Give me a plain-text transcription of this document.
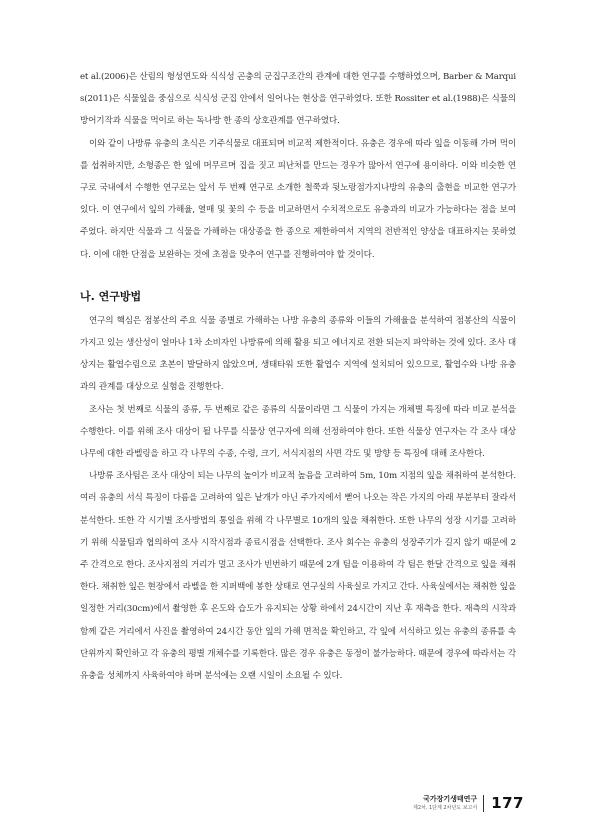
et al.(2006)은 산림의 형성연도와 식식성 곤충의 군집구조간의 관계에 대한 연구를 수행하였으며, Barber & Marquis(2011)은 식물잎을 중심으로 식식성 군집 안에서 일어나는 현상을 연구하였다. 또한 Rossiter et al.(1988)은 식물의 방어기작과 식물을 먹이로 하는 독나방 한 종의 상호관계를 연구하였다.

이와 같이 나방류 유충의 초식은 기주식물로 대표되며 비교적 제한적이다. 유충은 경우에 따라 잎을 이동해 가며 먹이를 섭취하지만, 소형종은 한 잎에 머무르며 집을 짓고 피난처를 만드는 경우가 많아서 연구에 용이하다. 이와 비슷한 연구로 국내에서 수행한 연구로는 앞서 두 번째 연구로 소개한 철쭉과 뒷노랑점가지나방의 유충의 출현을 비교한 연구가 있다. 이 연구에서 잎의 가해율, 열매 및 꽃의 수 등을 비교하면서 수치적으로도 유충과의 비교가 가능하다는 점을 보여주었다. 하지만 식물과 그 식물을 가해하는 대상종을 한 종으로 제한하여서 지역의 전반적인 양상을 대표하지는 못하였다. 이에 대한 단점을 보완하는 것에 초점을 맞추어 연구를 진행하여야 할 것이다.

나. 연구방법

연구의 핵심은 점봉산의 주요 식물 종별로 가해하는 나방 유충의 종류와 이들의 가해율을 분석하여 점봉산의 식물이 가지고 있는 생산성이 얼마나 1차 소비자인 나방류에 의해 활용 되고 에너지로 전환 되는지 파악하는 것에 있다. 조사 대상지는 활엽수림으로 초본이 발달하지 않았으며, 생태타워 또한 활엽수 지역에 설치되어 있으므로, 활엽수와 나방 유충과의 관계를 대상으로 실험을 진행한다.

조사는 첫 번째로 식물의 종류, 두 번째로 같은 종류의 식물이라면 그 식물이 가지는 개체별 특징에 따라 비교 분석을 수행한다. 이를 위해 조사 대상이 될 나무를 식물상 연구자에 의해 선정하여야 한다. 또한 식물상 연구자는 각 조사 대상나무에 대한 라벨링을 하고 각 나무의 수종, 수령, 크기, 서식지점의 사면 각도 및 방향 등 특징에 대해 조사한다.

나방류 조사팀은 조사 대상이 되는 나무의 높이가 비교적 높음을 고려하여 5m, 10m 지점의 잎을 채취하여 분석한다. 여러 유충의 서식 특징이 다름을 고려하여 잎은 낱개가 아닌 주가지에서 뻗어 나오는 작은 가지의 아래 부분부터 잘라서 분석한다. 또한 각 시기별 조사방법의 통일을 위해 각 나무별로 10개의 잎을 채취한다. 또한 나무의 성장 시기를 고려하기 위해 식물팀과 협의하여 조사 시작시점과 종료시점을 선택한다. 조사 회수는 유충의 성장주기가 길지 않기 때문에 2주 간격으로 한다. 조사지점의 거리가 멀고 조사가 빈번하기 때문에 2개 팀을 이용하여 각 팀은 한달 간격으로 잎을 채취한다. 채취한 잎은 현장에서 라벨을 한 지퍼백에 봉한 상태로 연구실의 사육실로 가지고 간다. 사육실에서는 채취한 잎을 일정한 거리(30cm)에서 촬영한 후 온도와 습도가 유지되는 상황 하에서 24시간이 지난 후 재측을 한다. 재측의 시작과 함께 같은 거리에서 사진을 촬영하여 24시간 동안 잎의 가해 면적을 확인하고, 각 잎에 서식하고 있는 유충의 종류를 속 단위까지 확인하고 각 유충의 평별 개체수를 기록한다. 많은 경우 유충은 동정이 불가능하다. 때문에 경우에 따라서는 각 유충을 성체까지 사육하여야 하며 분석에는 오랜 시일이 소요될 수 있다.

국가장기생태연구
제2차, 1단계 2차년도 보고서 177
